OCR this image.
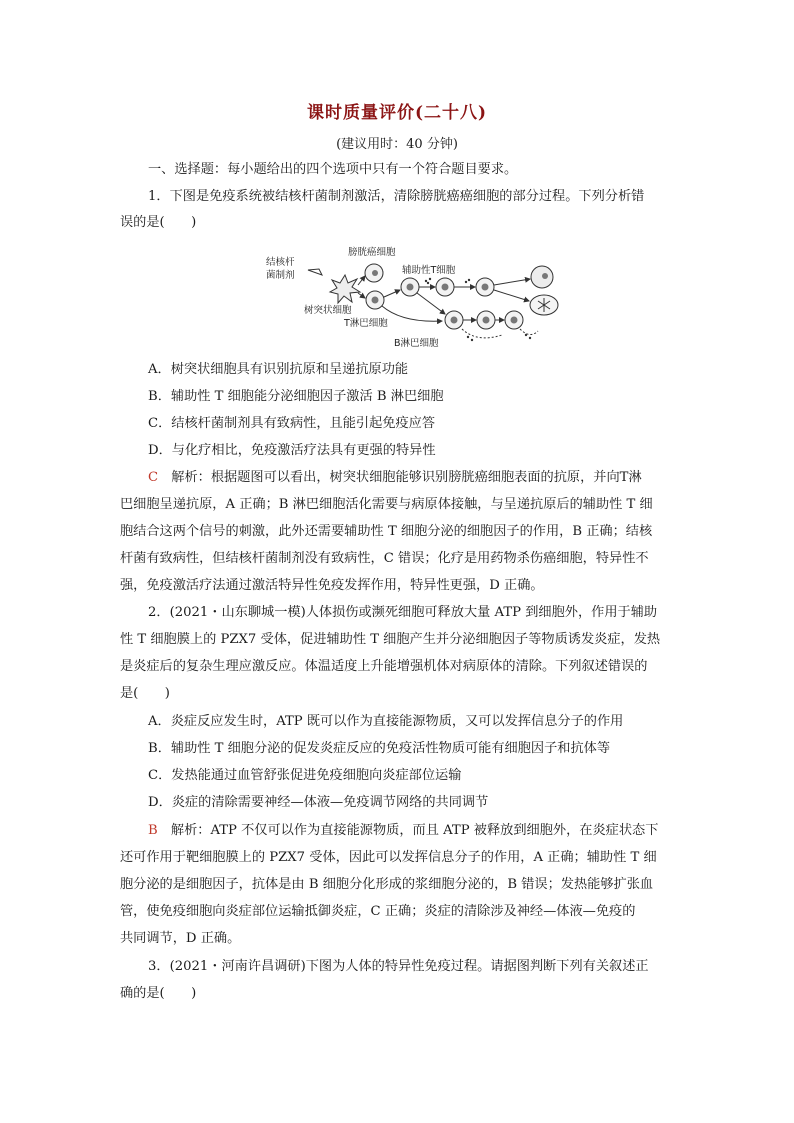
课时质量评价(二十八)
(建议用时：40 分钟)
一、选择题：每小题给出的四个选项中只有一个符合题目要求。
1．下图是免疫系统被结核杆菌制剂激活，清除膀胱癌癌细胞的部分过程。下列分析错
误的是(　　)
结核杆
菌制剂
膀胱癌细胞
辅助性T细胞
树突状细胞
T淋巴细胞
B淋巴细胞
A．树突状细胞具有识别抗原和呈递抗原功能
B．辅助性 T 细胞能分泌细胞因子激活 B 淋巴细胞
C．结核杆菌制剂具有致病性，且能引起免疫应答
D．与化疗相比，免疫激活疗法具有更强的特异性
C　解析：根据题图可以看出，树突状细胞能够识别膀胱癌细胞表面的抗原，并向T淋
巴细胞呈递抗原，A 正确；B 淋巴细胞活化需要与病原体接触，与呈递抗原后的辅助性 T 细
胞结合这两个信号的刺激，此外还需要辅助性 T 细胞分泌的细胞因子的作用，B 正确；结核
杆菌有致病性，但结核杆菌制剂没有致病性，C 错误；化疗是用药物杀伤癌细胞，特异性不
强，免疫激活疗法通过激活特异性免疫发挥作用，特异性更强，D 正确。
2．(2021・山东聊城一模)人体损伤或濒死细胞可释放大量 ATP 到细胞外，作用于辅助
性 T 细胞膜上的 PZX7 受体，促进辅助性 T 细胞产生并分泌细胞因子等物质诱发炎症，发热
是炎症后的复杂生理应激反应。体温适度上升能增强机体对病原体的清除。下列叙述错误的
是(　　)
A．炎症反应发生时，ATP 既可以作为直接能源物质，又可以发挥信息分子的作用
B．辅助性 T 细胞分泌的促发炎症反应的免疫活性物质可能有细胞因子和抗体等
C．发热能通过血管舒张促进免疫细胞向炎症部位运输
D．炎症的清除需要神经—体液—免疫调节网络的共同调节
B　解析：ATP 不仅可以作为直接能源物质，而且 ATP 被释放到细胞外，在炎症状态下
还可作用于靶细胞膜上的 PZX7 受体，因此可以发挥信息分子的作用，A 正确；辅助性 T 细
胞分泌的是细胞因子，抗体是由 B 细胞分化形成的浆细胞分泌的，B 错误；发热能够扩张血
管，使免疫细胞向炎症部位运输抵御炎症，C 正确；炎症的清除涉及神经—体液—免疫的
共同调节，D 正确。
3．(2021・河南许昌调研)下图为人体的特异性免疫过程。请据图判断下列有关叙述正
确的是(　　)
